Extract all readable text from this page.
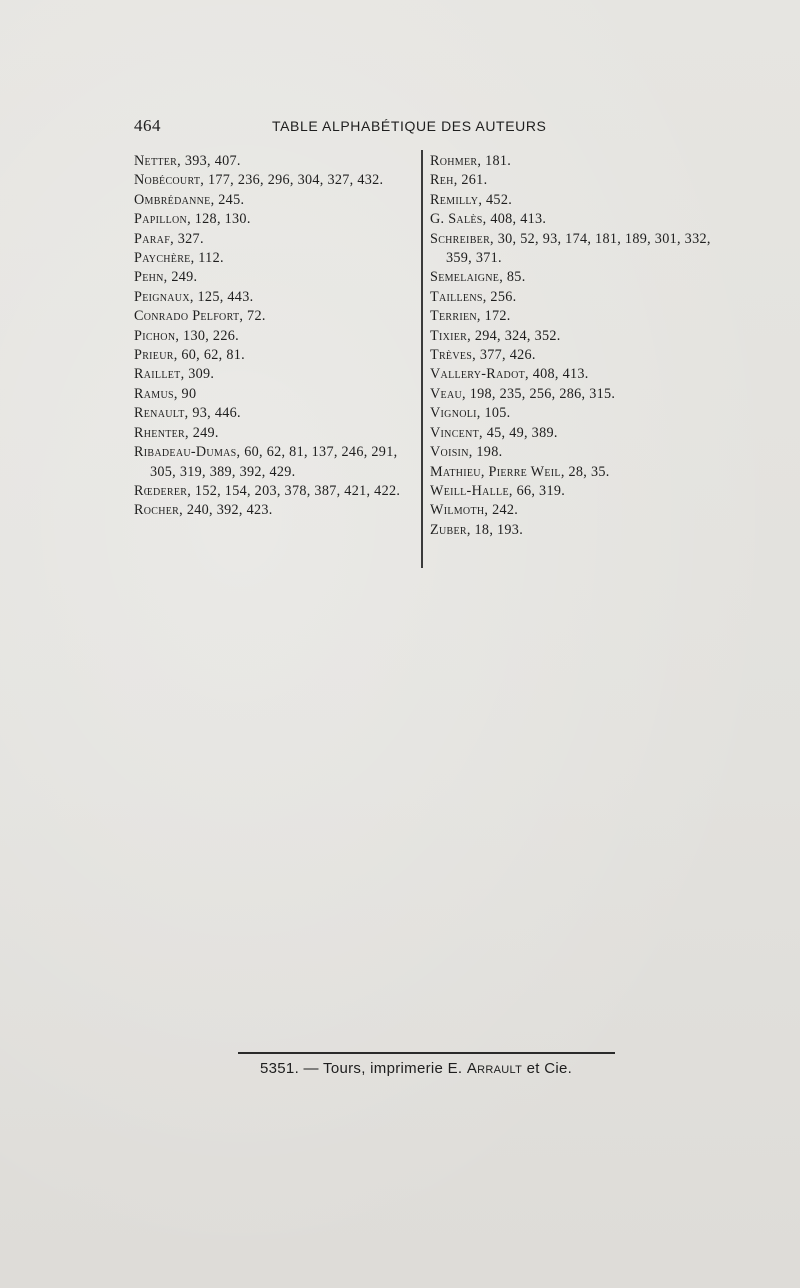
464	TABLE ALPHABÉTIQUE DES AUTEURS
Netter, 393, 407.
Nobécourt, 177, 236, 296, 304, 327, 432.
Ombrédanne, 245.
Papillon, 128, 130.
Paraf, 327.
Paychère, 112.
Pehn, 249.
Peignaux, 125, 443.
Conrado Pelfort, 72.
Pichon, 130, 226.
Prieur, 60, 62, 81.
Raillet, 309.
Ramus, 90
Renault, 93, 446.
Rhenter, 249.
Ribadeau-Dumas, 60, 62, 81, 137, 246, 291, 305, 319, 389, 392, 429.
Rœderer, 152, 154, 203, 378, 387, 421, 422.
Rocher, 240, 392, 423.
Rohmer, 181.
Reh, 261.
Remilly, 452.
G. Salès, 408, 413.
Schreiber, 30, 52, 93, 174, 181, 189, 301, 332, 359, 371.
Semelaigne, 85.
Taillens, 256.
Terrien, 172.
Tixier, 294, 324, 352.
Trèves, 377, 426.
Vallery-Radot, 408, 413.
Veau, 198, 235, 256, 286, 315.
Vignoli, 105.
Vincent, 45, 49, 389.
Voisin, 198.
Mathieu, Pierre Weil, 28, 35.
Weill-Halle, 66, 319.
Wilmoth, 242.
Zuber, 18, 193.
5351. — Tours, imprimerie E. Arrault et Cie.
